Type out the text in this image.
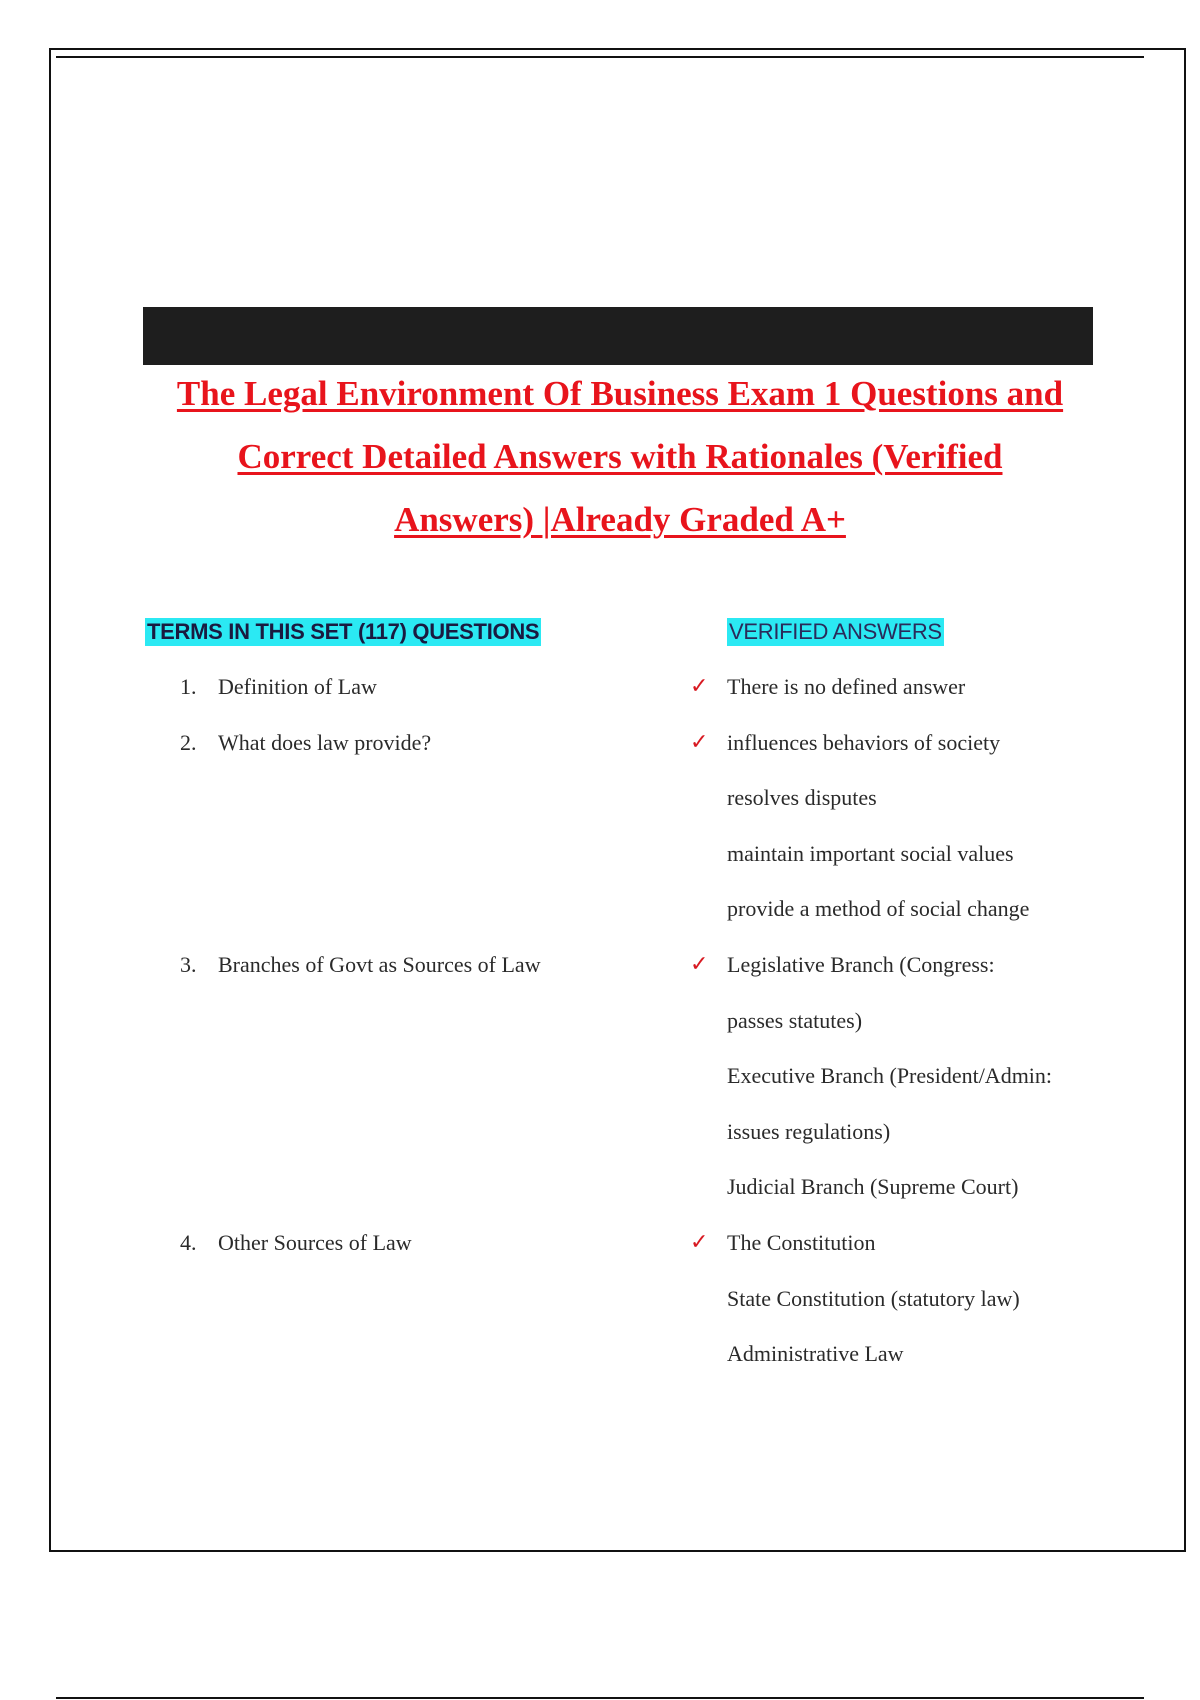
The Legal Environment Of Business Exam 1 Questions and
Correct Detailed Answers with Rationales (Verified
Answers) |Already Graded A+
TERMS IN THIS SET (117) QUESTIONS	VERIFIED ANSWERS
1. Definition of Law	✓ There is no defined answer
2. What does law provide?	✓ influences behaviors of society
resolves disputes
maintain important social values
provide a method of social change
3. Branches of Govt as Sources of Law	✓ Legislative Branch (Congress:
passes statutes)
Executive Branch (President/Admin:
issues regulations)
Judicial Branch (Supreme Court)
4. Other Sources of Law	✓ The Constitution
State Constitution (statutory law)
Administrative Law
